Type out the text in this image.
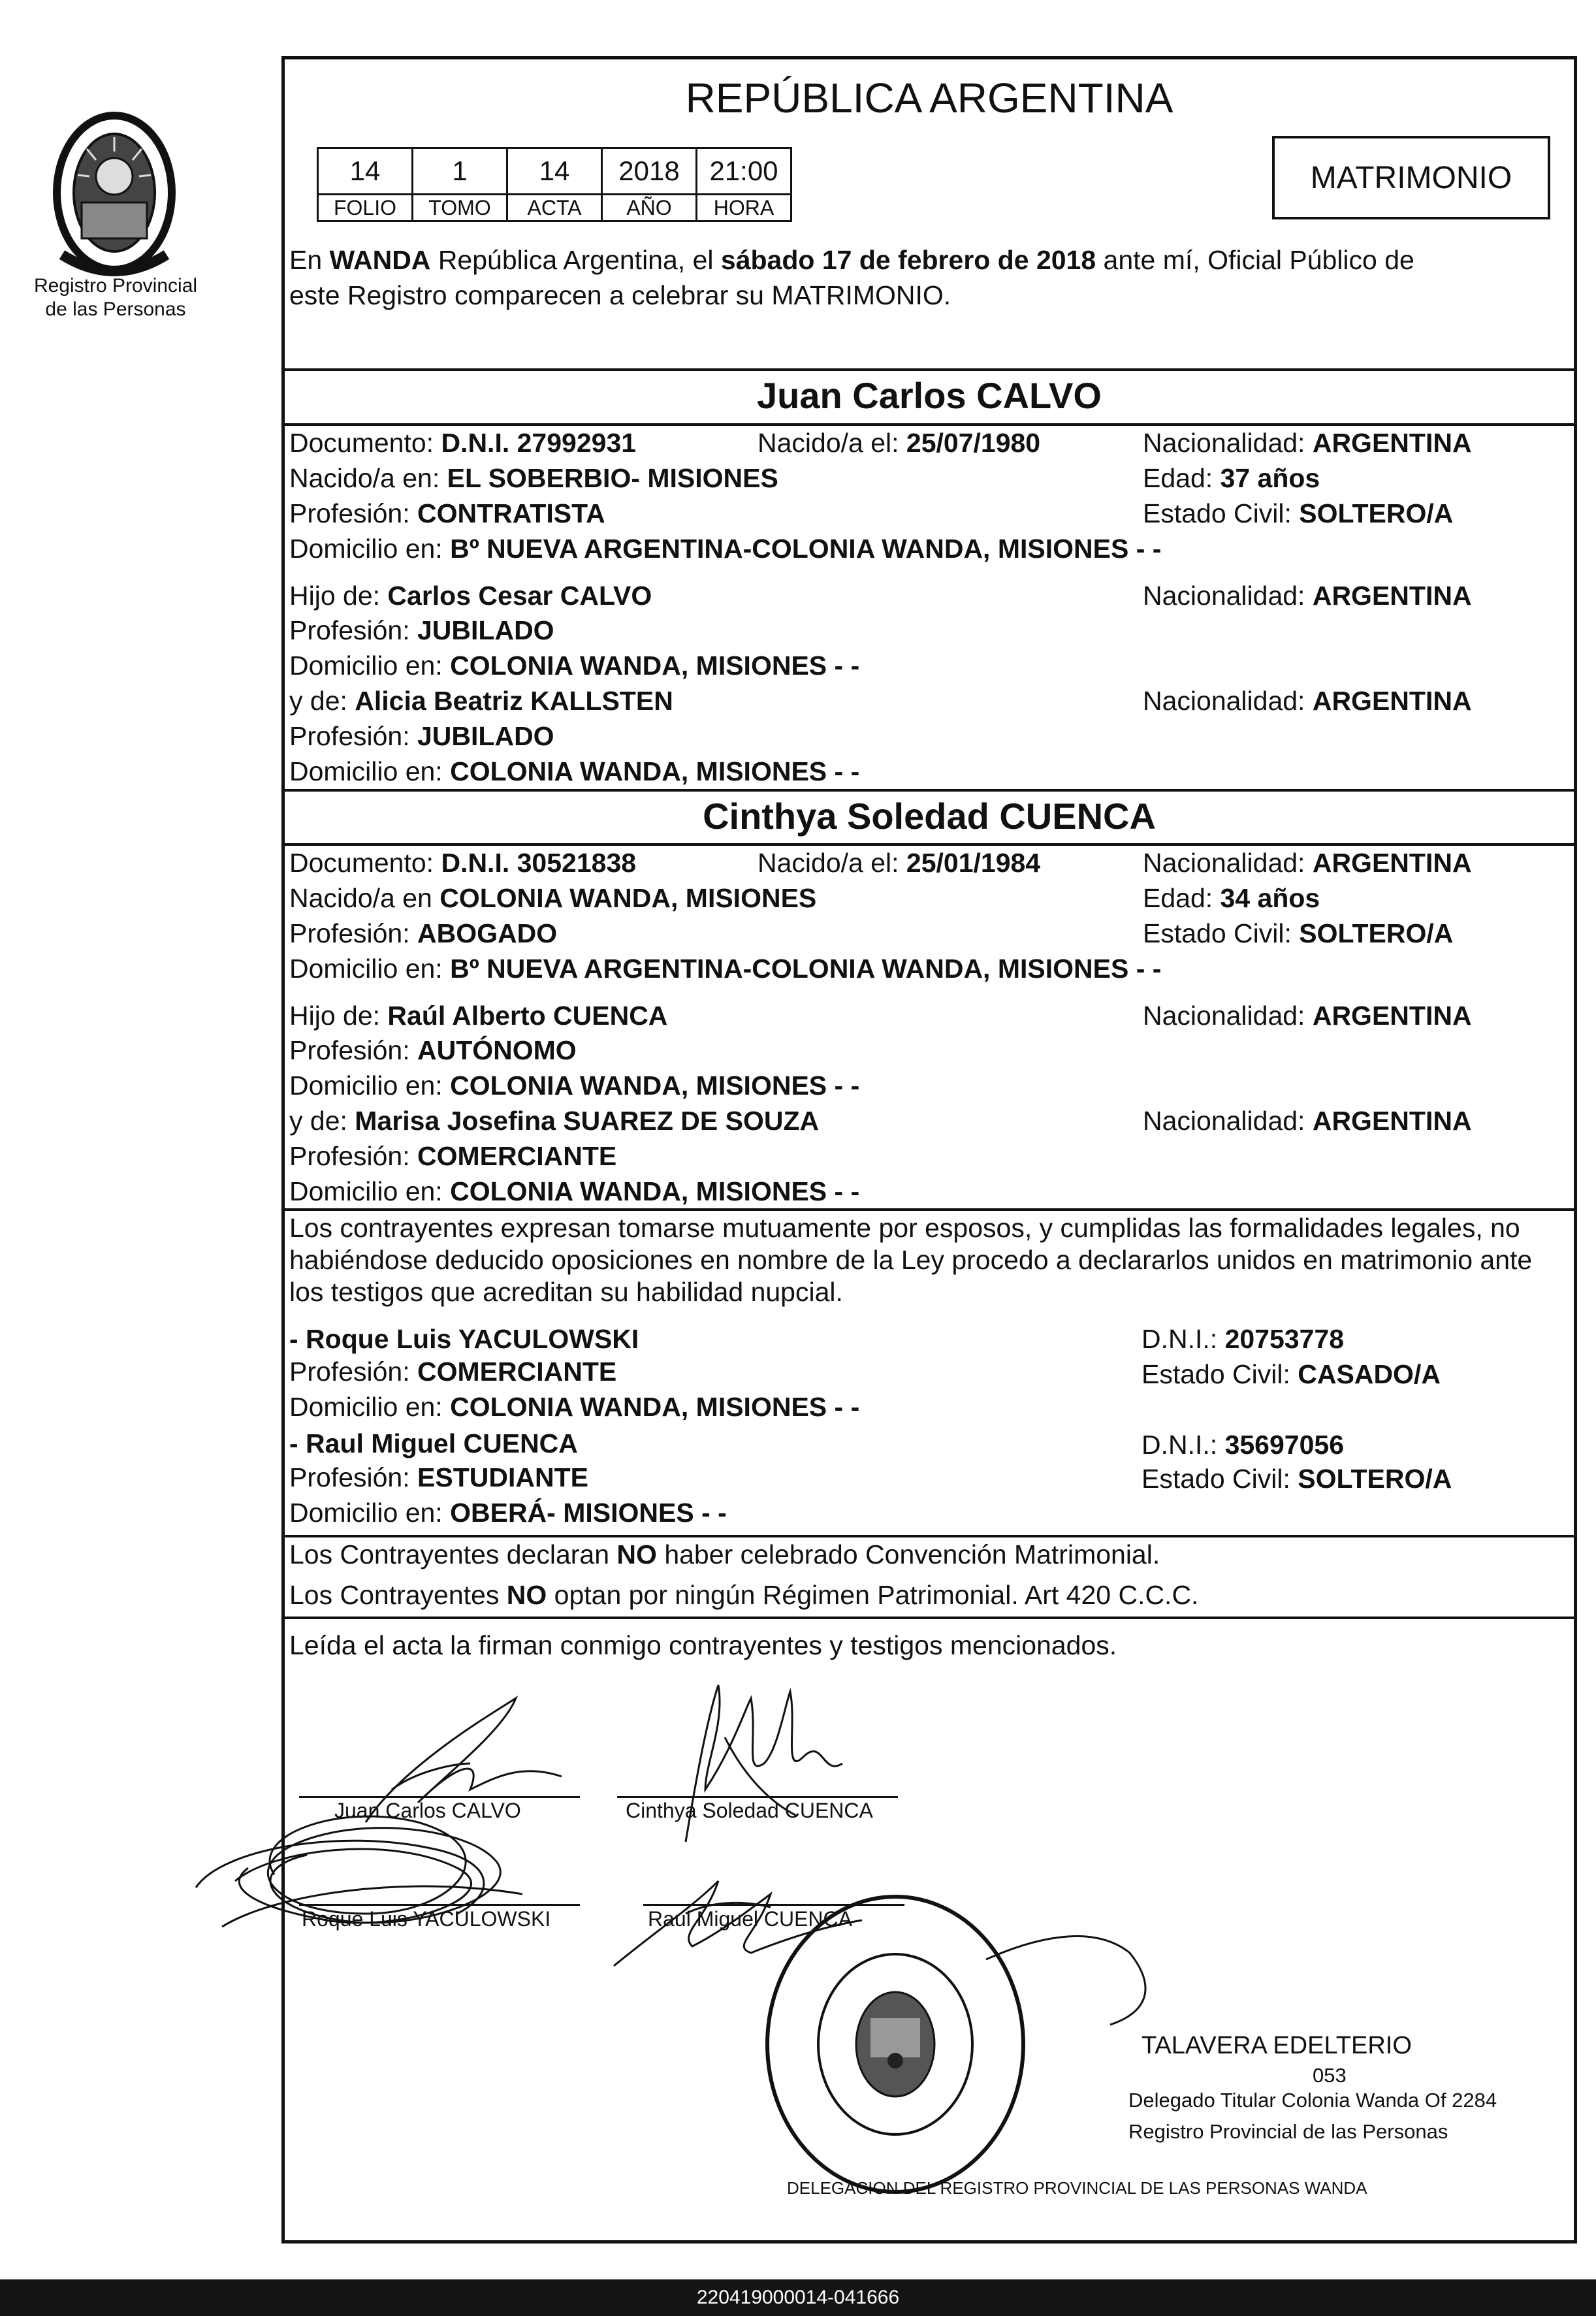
Registro Provincial
de las Personas
REPÚBLICA ARGENTINA
14	1	14	2018	21:00
FOLIO	TOMO	ACTA	AÑO	HORA
MATRIMONIO
En WANDA República Argentina, el sábado 17 de febrero de 2018 ante mí, Oficial Público de
este Registro comparecen a celebrar su MATRIMONIO.
Juan Carlos CALVO
Documento: D.N.I. 27992931	Nacido/a el: 25/07/1980	Nacionalidad: ARGENTINA
Nacido/a en: EL SOBERBIO- MISIONES	Edad: 37 años
Profesión: CONTRATISTA	Estado Civil: SOLTERO/A
Domicilio en: Bº NUEVA ARGENTINA-COLONIA WANDA, MISIONES - -
Hijo de: Carlos Cesar CALVO	Nacionalidad: ARGENTINA
Profesión: JUBILADO
Domicilio en: COLONIA WANDA, MISIONES - -
y de: Alicia Beatriz KALLSTEN	Nacionalidad: ARGENTINA
Profesión: JUBILADO
Domicilio en: COLONIA WANDA, MISIONES - -
Cinthya Soledad CUENCA
Documento: D.N.I. 30521838	Nacido/a el: 25/01/1984	Nacionalidad: ARGENTINA
Nacido/a en COLONIA WANDA, MISIONES	Edad: 34 años
Profesión: ABOGADO	Estado Civil: SOLTERO/A
Domicilio en: Bº NUEVA ARGENTINA-COLONIA WANDA, MISIONES - -
Hijo de: Raúl Alberto CUENCA	Nacionalidad: ARGENTINA
Profesión: AUTÓNOMO
Domicilio en: COLONIA WANDA, MISIONES - -
y de: Marisa Josefina SUAREZ DE SOUZA	Nacionalidad: ARGENTINA
Profesión: COMERCIANTE
Domicilio en: COLONIA WANDA, MISIONES - -
Los contrayentes expresan tomarse mutuamente por esposos, y cumplidas las formalidades legales, no
habiéndose deducido oposiciones en nombre de la Ley procedo a declararlos unidos en matrimonio ante
los testigos que acreditan su habilidad nupcial.
- Roque Luis YACULOWSKI	D.N.I.: 20753778
Profesión: COMERCIANTE	Estado Civil: CASADO/A
Domicilio en: COLONIA WANDA, MISIONES - -
- Raul Miguel CUENCA	D.N.I.: 35697056
Profesión: ESTUDIANTE	Estado Civil: SOLTERO/A
Domicilio en: OBERÁ- MISIONES - -
Los Contrayentes declaran NO haber celebrado Convención Matrimonial.
Los Contrayentes NO optan por ningún Régimen Patrimonial. Art 420 C.C.C.
Leída el acta la firman conmigo contrayentes y testigos mencionados.
Juan Carlos CALVO	Cinthya Soledad CUENCA
Roque Luis YACULOWSKI	Raul Miguel CUENCA
DELEGACION DEL REGISTRO PROVINCIAL DE LAS PERSONAS WANDA
TALAVERA EDELTERIO
053
Delegado Titular Colonia Wanda Of 2284
Registro Provincial de las Personas
220419000014-041666
